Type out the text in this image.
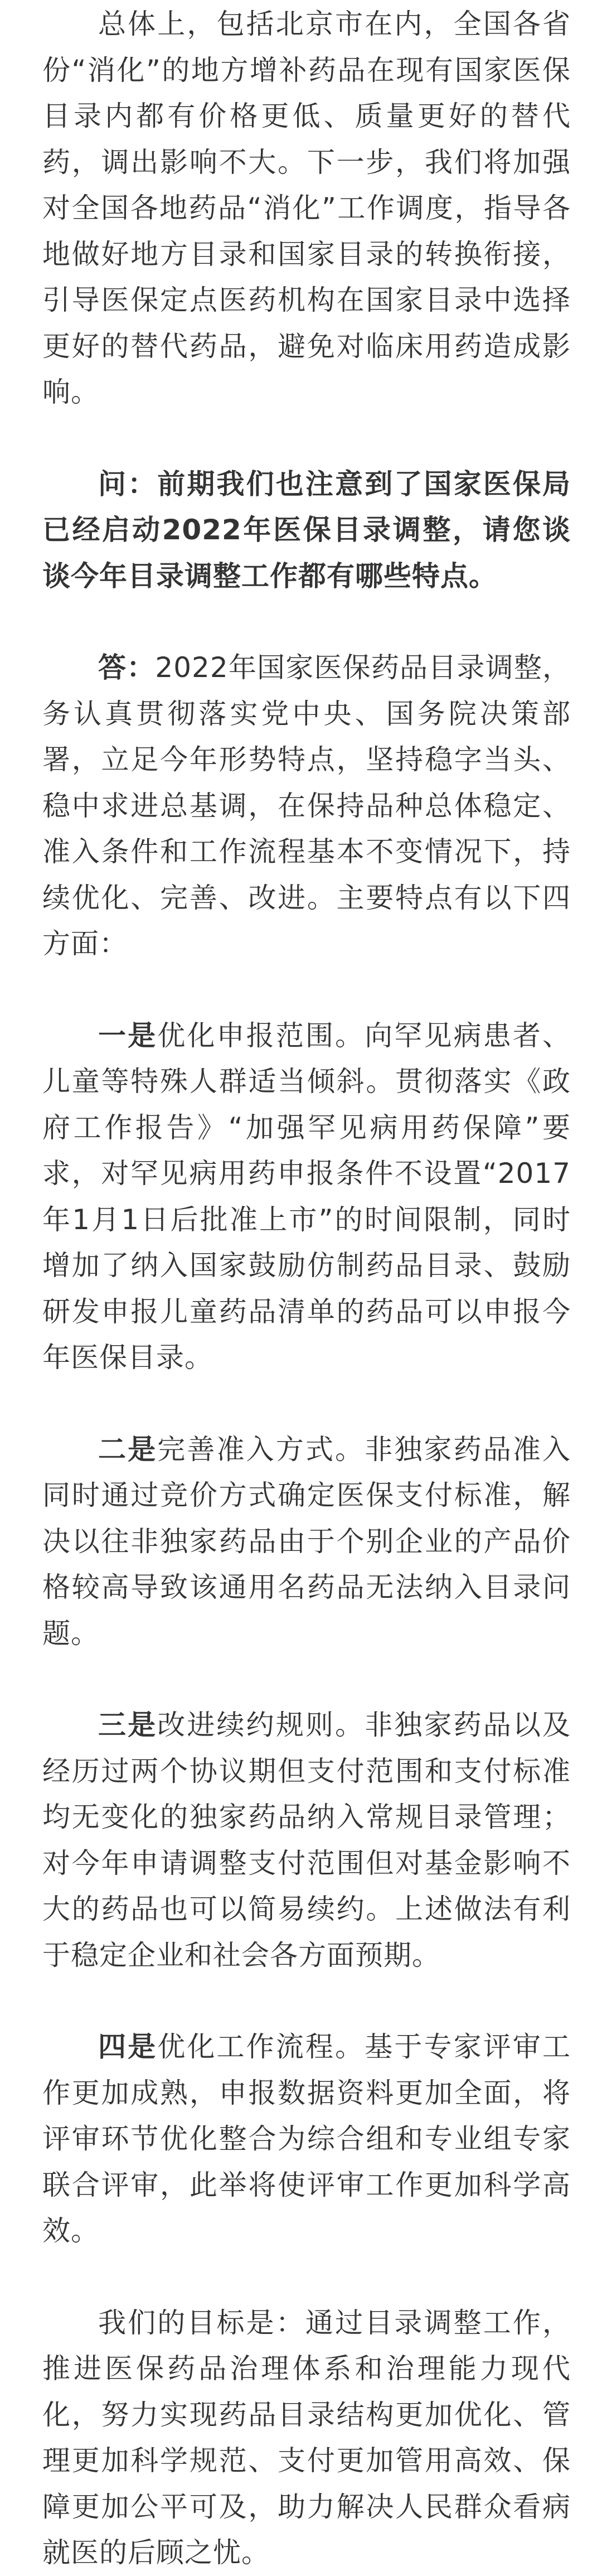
总体上，包括北京市在内，全国各省份“消化”的地方增补药品在现有国家医保目录内都有价格更低、质量更好的替代药，调出影响不大。下一步，我们将加强对全国各地药品“消化”工作调度，指导各地做好地方目录和国家目录的转换衔接，引导医保定点医药机构在国家目录中选择更好的替代药品，避免对临床用药造成影响。

问：前期我们也注意到了国家医保局已经启动2022年医保目录调整，请您谈谈今年目录调整工作都有哪些特点。

答：2022年国家医保药品目录调整，务认真贯彻落实党中央、国务院决策部署，立足今年形势特点，坚持稳字当头、稳中求进总基调，在保持品种总体稳定、准入条件和工作流程基本不变情况下，持续优化、完善、改进。主要特点有以下四方面：

一是优化申报范围。向罕见病患者、儿童等特殊人群适当倾斜。贯彻落实《政府工作报告》“加强罕见病用药保障”要求，对罕见病用药申报条件不设置“2017年1月1日后批准上市”的时间限制，同时增加了纳入国家鼓励仿制药品目录、鼓励研发申报儿童药品清单的药品可以申报今年医保目录。

二是完善准入方式。非独家药品准入同时通过竞价方式确定医保支付标准，解决以往非独家药品由于个别企业的产品价格较高导致该通用名药品无法纳入目录问题。

三是改进续约规则。非独家药品以及经历过两个协议期但支付范围和支付标准均无变化的独家药品纳入常规目录管理；对今年申请调整支付范围但对基金影响不大的药品也可以简易续约。上述做法有利于稳定企业和社会各方面预期。

四是优化工作流程。基于专家评审工作更加成熟，申报数据资料更加全面，将评审环节优化整合为综合组和专业组专家联合评审，此举将使评审工作更加科学高效。

我们的目标是：通过目录调整工作，推进医保药品治理体系和治理能力现代化，努力实现药品目录结构更加优化、管理更加科学规范、支付更加管用高效、保障更加公平可及，助力解决人民群众看病就医的后顾之忧。
